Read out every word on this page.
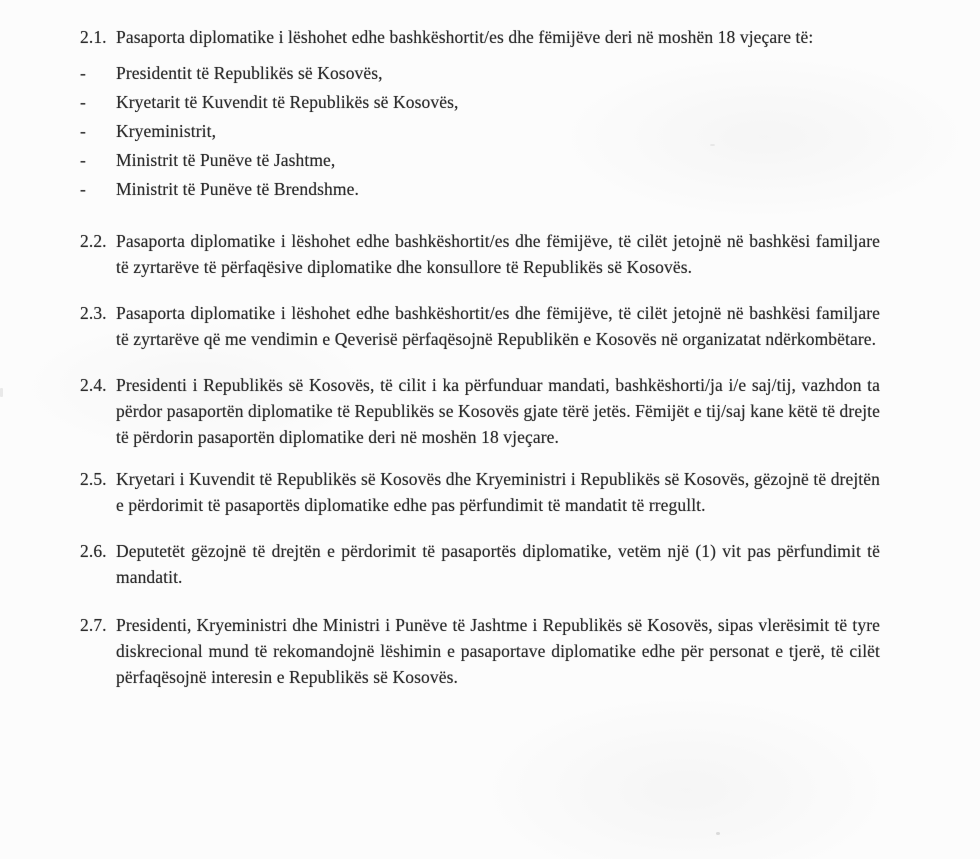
2.1. Pasaporta diplomatike i lëshohet edhe bashkëshortit/es dhe fëmijëve deri në moshën 18 vjeçare të:
-	Presidentit të Republikës së Kosovës,
-	Kryetarit të Kuvendit të Republikës së Kosovës,
-	Kryeministrit,
-	Ministrit të Punëve të Jashtme,
-	Ministrit të Punëve të Brendshme.
2.2. Pasaporta diplomatike i lëshohet edhe bashkëshortit/es dhe fëmijëve, të cilët jetojnë në bashkësi familjare të zyrtarëve të përfaqësive diplomatike dhe konsullore të Republikës së Kosovës.
2.3. Pasaporta diplomatike i lëshohet edhe bashkëshortit/es dhe fëmijëve, të cilët jetojnë në bashkësi familjare të zyrtarëve që me vendimin e Qeverisë përfaqësojnë Republikën e Kosovës në organizatat ndërkombëtare.
2.4. Presidenti i Republikës së Kosovës, të cilit i ka përfunduar mandati, bashkëshorti/ja i/e saj/tij, vazhdon ta përdor pasaportën diplomatike të Republikës se Kosovës gjate tërë jetës. Fëmijët e tij/saj kane këtë të drejte të përdorin pasaportën diplomatike deri në moshën 18 vjeçare.
2.5. Kryetari i Kuvendit të Republikës së Kosovës dhe Kryeministri i Republikës së Kosovës, gëzojnë të drejtën e përdorimit të pasaportës diplomatike edhe pas përfundimit të mandatit të rregullt.
2.6. Deputetët gëzojnë të drejtën e përdorimit të pasaportës diplomatike, vetëm një (1) vit pas përfundimit të mandatit.
2.7. Presidenti, Kryeministri dhe Ministri i Punëve të Jashtme i Republikës së Kosovës, sipas vlerësimit të tyre diskrecional mund të rekomandojnë lëshimin e pasaportave diplomatike edhe për personat e tjerë, të cilët përfaqësojnë interesin e Republikës së Kosovës.
